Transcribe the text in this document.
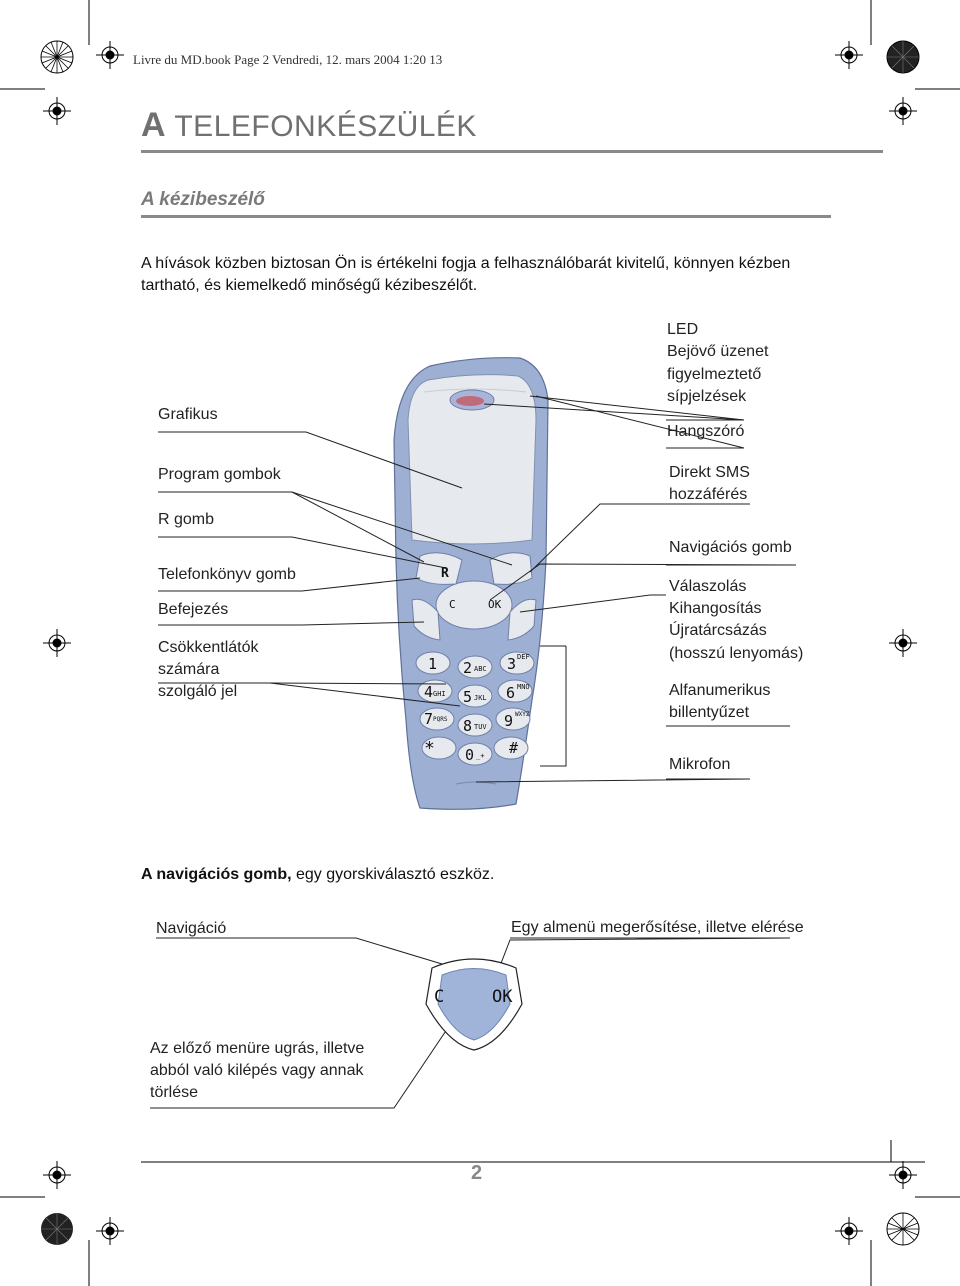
Livre du MD.book Page 2 Vendredi, 12. mars 2004 1:20 13
A TELEFONKÉSZÜLÉK
A kézibeszélő
A hívások közben biztosan Ön is értékelni fogja a felhasználóbarát kivitelű, könnyen kézben tartható, és kiemelkedő minőségű kézibeszélőt.
Grafikus
Program gombok
R gomb
Telefonkönyv gomb
Befejezés
Csökkentlátók
számára
szolgáló jel
LED
Bejövő üzenet
figyelmeztető
sípjelzések
Hangszóró
Direkt SMS
hozzáférés
Navigációs gomb
Válaszolás
Kihangosítás
Újratárcsázás
(hosszú lenyomás)
Alfanumerikus
billentyűzet
Mikrofon
R
C	OK
1 2 ABC 3 DEF
4 GHI 5 JKL 6 MNO
7 PQRS 8 TUV 9 WXYZ
* 0 _+ #
A navigációs gomb, egy gyorskiválasztó eszköz.
Navigáció	Egy almenü megerősítése, illetve elérése
Az előző menüre ugrás, illetve
abból való kilépés vagy annak
törlése
C	OK
2
